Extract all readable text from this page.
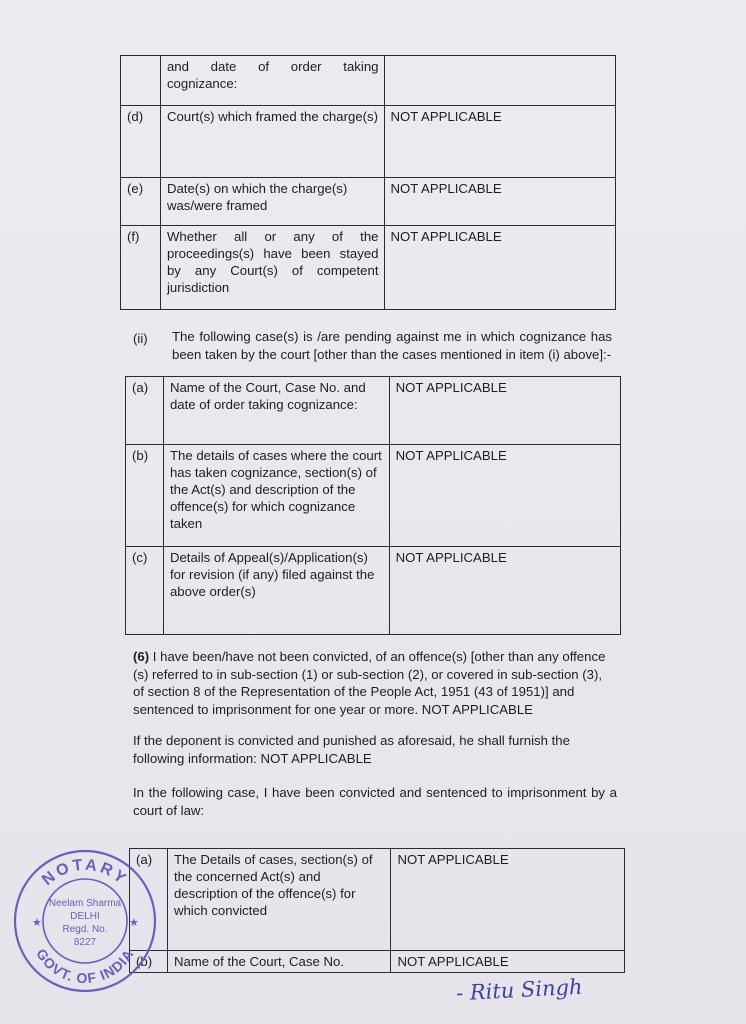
	and date of order taking cognizance:	
(d)	Court(s) which framed the charge(s)	NOT APPLICABLE
(e)	Date(s) on which the charge(s) was/were framed	NOT APPLICABLE
(f)	Whether all or any of the proceedings(s) have been stayed by any Court(s) of competent jurisdiction	NOT APPLICABLE
(ii) The following case(s) is /are pending against me in which cognizance has been taken by the court [other than the cases mentioned in item (i) above]:-
(a)	Name of the Court, Case No. and date of order taking cognizance:	NOT APPLICABLE
(b)	The details of cases where the court has taken cognizance, section(s) of the Act(s) and description of the offence(s) for which cognizance taken	NOT APPLICABLE
(c)	Details of Appeal(s)/Application(s) for revision (if any) filed against the above order(s)	NOT APPLICABLE
(6) I have been/have not been convicted, of an offence(s) [other than any offence (s) referred to in sub-section (1) or sub-section (2), or covered in sub-section (3), of section 8 of the Representation of the People Act, 1951 (43 of 1951)] and sentenced to imprisonment for one year or more. NOT APPLICABLE
If the deponent is convicted and punished as aforesaid, he shall furnish the following information: NOT APPLICABLE
In the following case, I have been convicted and sentenced to imprisonment by a court of law:
(a)	The Details of cases, section(s) of the concerned Act(s) and description of the offence(s) for which convicted	NOT APPLICABLE
(b)	Name of the Court, Case No.	NOT APPLICABLE
NOTARY
GOVT. OF INDIA
★	★
Neelam Sharma
DELHI
Regd. No.
8227
- Ritu Singh
